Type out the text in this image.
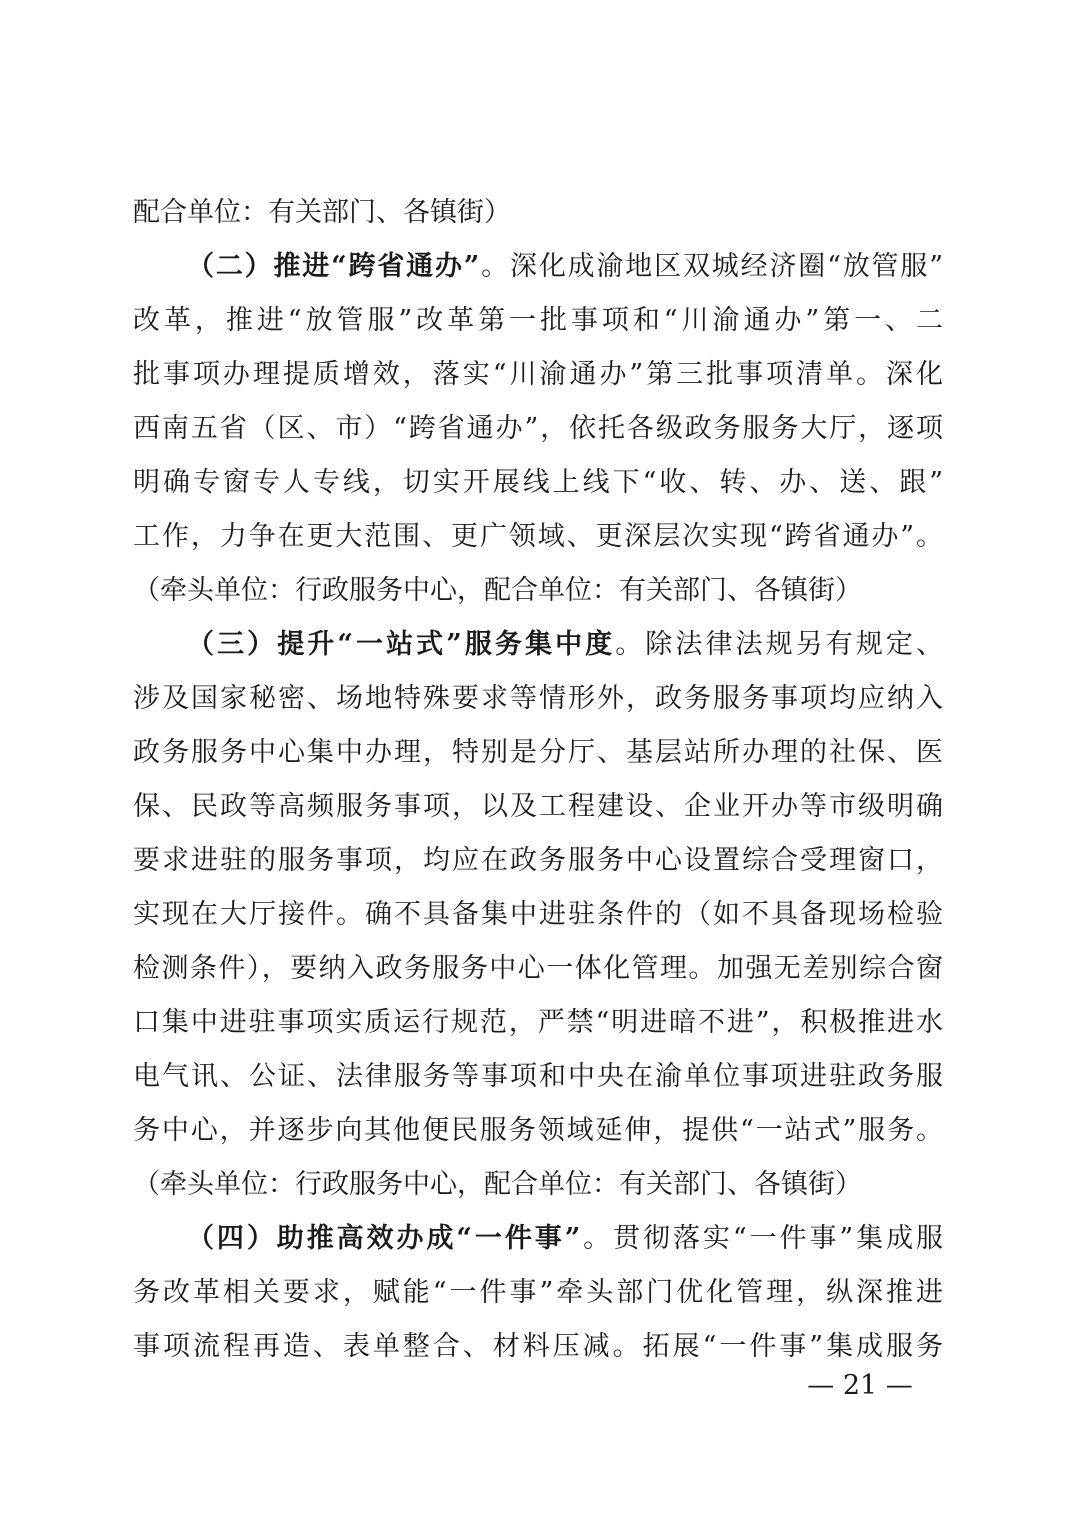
配合单位：有关部门、各镇街）
（二）推进“跨省通办”。深化成渝地区双城经济圈“放管服”
改革，推进“放管服”改革第一批事项和“川渝通办”第一、二
批事项办理提质增效，落实“川渝通办”第三批事项清单。深化
西南五省（区、市）“跨省通办”，依托各级政务服务大厅，逐项
明确专窗专人专线，切实开展线上线下“收、转、办、送、跟”
工作，力争在更大范围、更广领域、更深层次实现“跨省通办”。
（牵头单位：行政服务中心，配合单位：有关部门、各镇街）
（三）提升“一站式”服务集中度。除法律法规另有规定、
涉及国家秘密、场地特殊要求等情形外，政务服务事项均应纳入
政务服务中心集中办理，特别是分厅、基层站所办理的社保、医
保、民政等高频服务事项，以及工程建设、企业开办等市级明确
要求进驻的服务事项，均应在政务服务中心设置综合受理窗口，
实现在大厅接件。确不具备集中进驻条件的（如不具备现场检验
检测条件），要纳入政务服务中心一体化管理。加强无差别综合窗
口集中进驻事项实质运行规范，严禁“明进暗不进”，积极推进水
电气讯、公证、法律服务等事项和中央在渝单位事项进驻政务服
务中心，并逐步向其他便民服务领域延伸，提供“一站式”服务。
（牵头单位：行政服务中心，配合单位：有关部门、各镇街）
（四）助推高效办成“一件事”。贯彻落实“一件事”集成服
务改革相关要求，赋能“一件事”牵头部门优化管理，纵深推进
事项流程再造、表单整合、材料压减。拓展“一件事”集成服务
— 21 —
